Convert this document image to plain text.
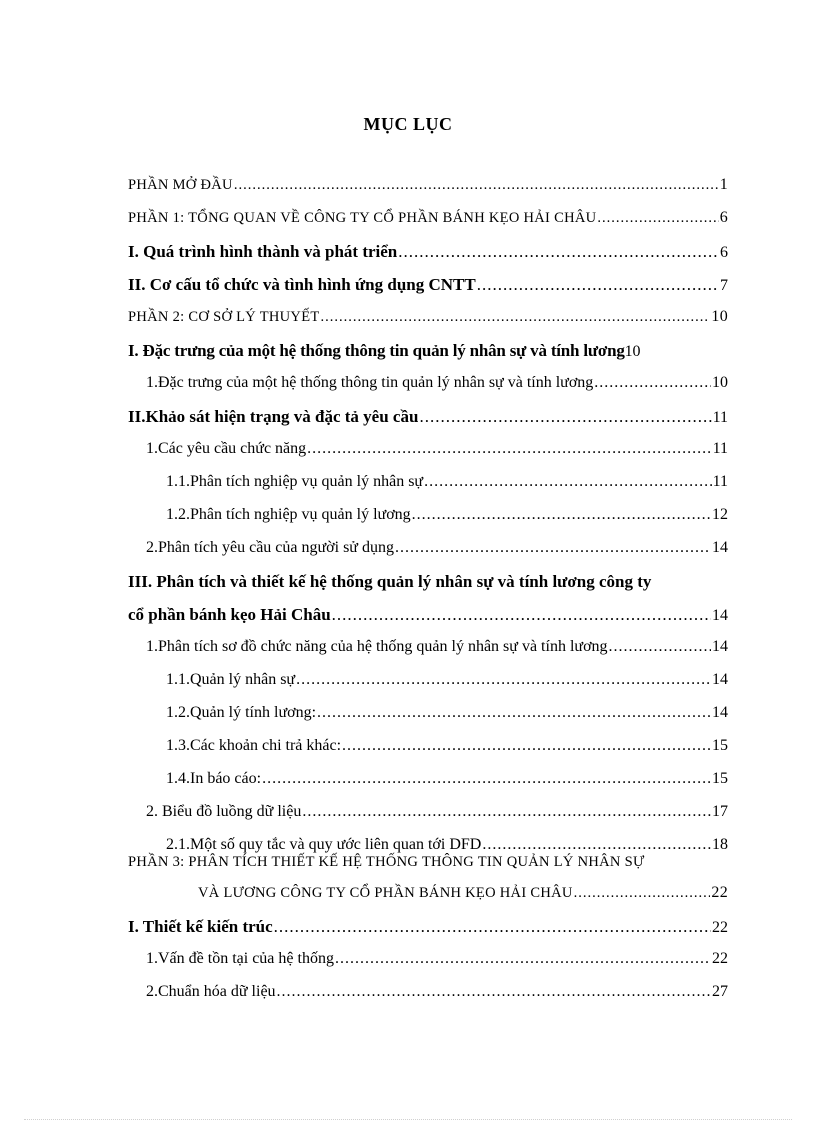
MỤC LỤC
PHẦN MỞ ĐẦU .....	1
PHẦN 1: TỔNG QUAN VỀ CÔNG TY CỔ PHẦN BÁNH KẸO HẢI CHÂU .....	6
I. Quá trình hình thành và phát triển .....	6
II. Cơ cấu tổ chức và tình hình ứng dụng CNTT .....	7
PHẦN 2: CƠ SỞ LÝ THUYẾT .....	10
I. Đặc trưng của một hệ thống thông tin quản lý nhân sự và tính lương 10
1.Đặc trưng của một hệ thống thông tin quản lý nhân sự và tính lương .....	10
II.Khảo sát hiện trạng và đặc tả yêu cầu .....	11
1.Các yêu cầu chức năng .....	11
1.1.Phân tích nghiệp vụ quản lý nhân sự .....	11
1.2.Phân tích nghiệp vụ quản lý lương .....	12
2.Phân tích yêu cầu của người sử dụng .....	14
III. Phân tích và thiết kế hệ thống quản lý nhân sự và tính lương công ty
cổ phần bánh kẹo Hải Châu .....	14
1.Phân tích sơ đồ chức năng của hệ thống quản lý nhân sự và tính lương .....	14
1.1.Quản lý nhân sự .....	14
1.2.Quản lý tính lương: .....	14
1.3.Các khoản chi trả khác: .....	15
1.4.In báo cáo: .....	15
2. Biểu đồ luồng dữ liệu .....	17
2.1.Một số quy tắc và quy ước liên quan tới DFD .....	18
PHẦN 3: PHÂN TÍCH THIẾT KẾ HỆ THỐNG THÔNG TIN QUẢN LÝ NHÂN SỰ
VÀ LƯƠNG CÔNG TY CỔ PHẦN BÁNH KẸO HẢI CHÂU .....	22
I. Thiết kế kiến trúc .....	22
1.Vấn đề tồn tại của hệ thống .....	22
2.Chuẩn hóa dữ liệu .....	27
